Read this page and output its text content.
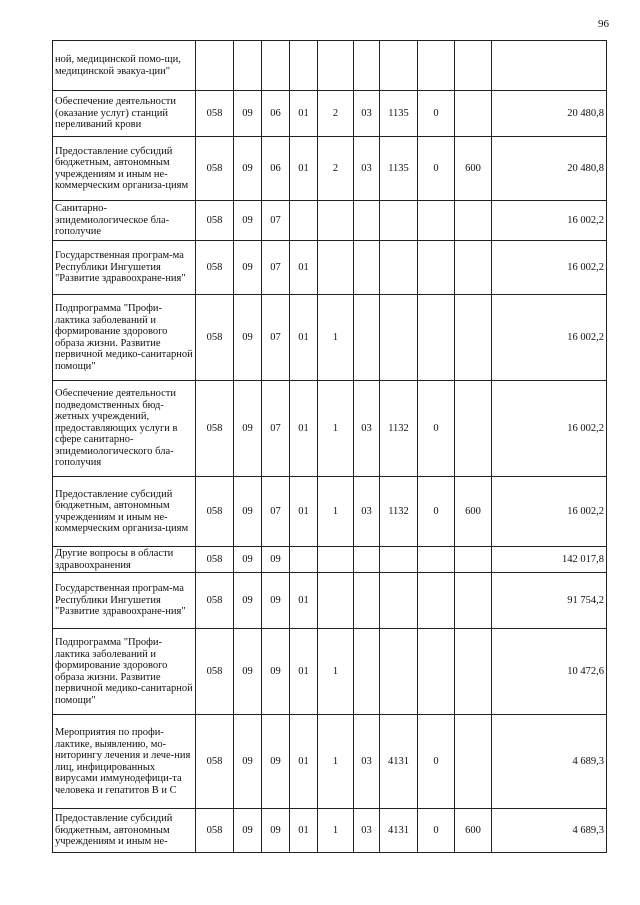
96
ной, медицинской помо-щи, медицинской эвакуа-ции"										
Обеспечение деятельности (оказание услуг) станций переливаний крови	058	09	06	01	2	03	1135	0		20 480,8
Предоставление субсидий бюджетным, автономным учреждениям и иным не-коммерческим организа-циям	058	09	06	01	2	03	1135	0	600	20 480,8
Санитарно-эпидемиологическое бла-гополучие	058	09	07							16 002,2
Государственная програм-ма Республики Ингушетия "Развитие здравоохране-ния"	058	09	07	01						16 002,2
Подпрограмма "Профи-лактика заболеваний и формирование здорового образа жизни. Развитие первичной медико-санитарной помощи"	058	09	07	01	1					16 002,2
Обеспечение деятельности подведомственных бюд-жетных учреждений, предоставляющих услуги в сфере санитарно-эпидемиологического бла-гополучия	058	09	07	01	1	03	1132	0		16 002,2
Предоставление субсидий бюджетным, автономным учреждениям и иным не-коммерческим организа-циям	058	09	07	01	1	03	1132	0	600	16 002,2
Другие вопросы в области здравоохранения	058	09	09							142 017,8
Государственная програм-ма Республики Ингушетия "Развитие здравоохране-ния"	058	09	09	01						91 754,2
Подпрограмма "Профи-лактика заболеваний и формирование здорового образа жизни. Развитие первичной медико-санитарной помощи"	058	09	09	01	1					10 472,6
Мероприятия по профи-лактике, выявлению, мо-ниторингу лечения и лече-ния лиц, инфицированных вирусами иммунодефици-та человека и гепатитов B и C	058	09	09	01	1	03	4131	0		4 689,3
Предоставление субсидий бюджетным, автономным учреждениям и иным не-	058	09	09	01	1	03	4131	0	600	4 689,3
